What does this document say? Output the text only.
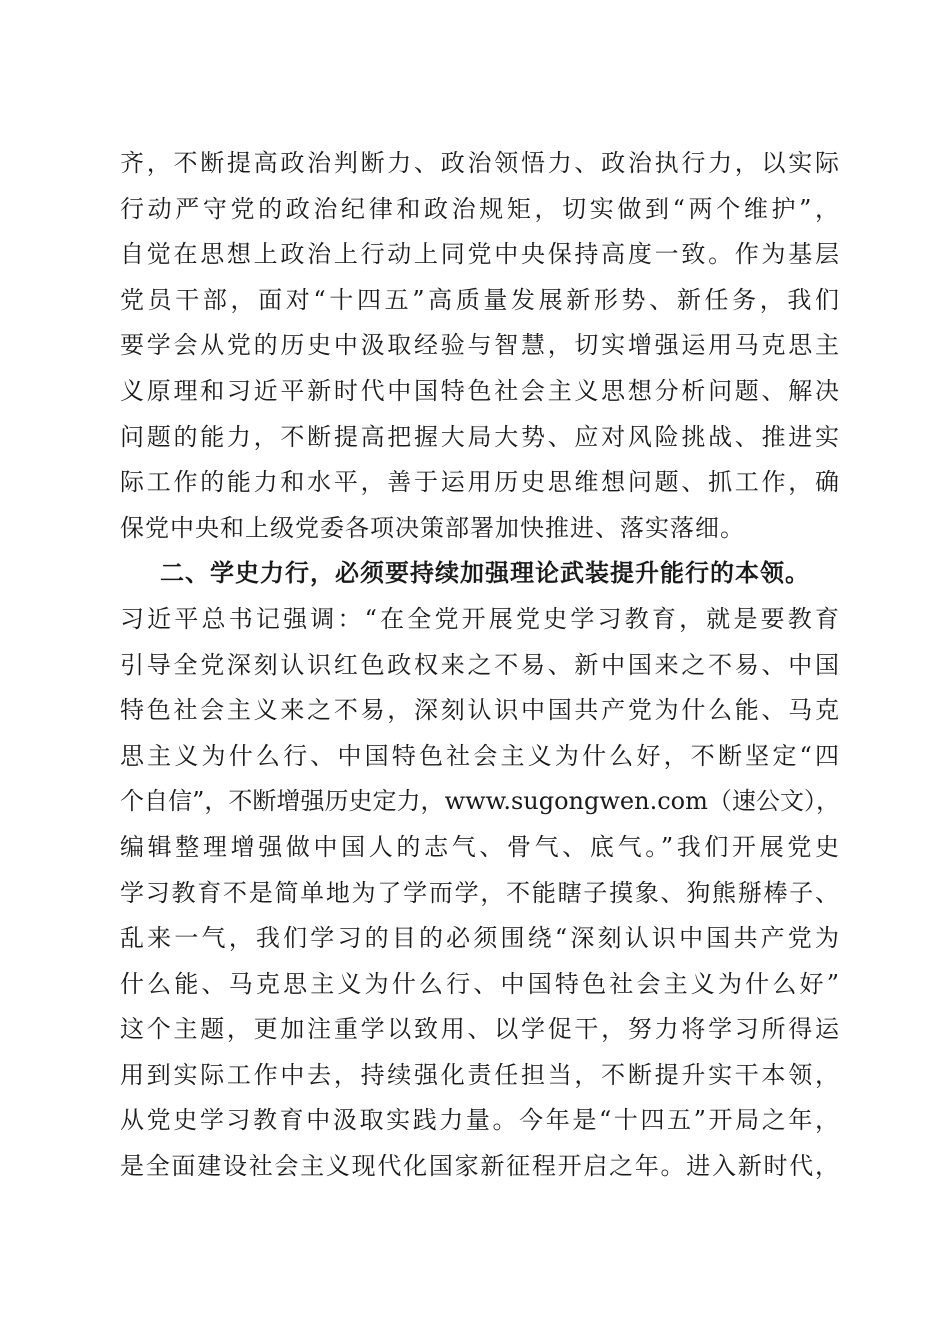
齐，不断提高政治判断力、政治领悟力、政治执行力，以实际
行动严守党的政治纪律和政治规矩，切实做到“两个维护”，
自觉在思想上政治上行动上同党中央保持高度一致。作为基层
党员干部，面对“十四五”高质量发展新形势、新任务，我们
要学会从党的历史中汲取经验与智慧，切实增强运用马克思主
义原理和习近平新时代中国特色社会主义思想分析问题、解决
问题的能力，不断提高把握大局大势、应对风险挑战、推进实
际工作的能力和水平，善于运用历史思维想问题、抓工作，确
保党中央和上级党委各项决策部署加快推进、落实落细。
二、学史力行，必须要持续加强理论武装提升能行的本领。
习近平总书记强调：“在全党开展党史学习教育，就是要教育
引导全党深刻认识红色政权来之不易、新中国来之不易、中国
特色社会主义来之不易，深刻认识中国共产党为什么能、马克
思主义为什么行、中国特色社会主义为什么好，不断坚定“四
个自信”，不断增强历史定力，www.sugongwen.com（速公文），
编辑整理增强做中国人的志气、骨气、底气。”我们开展党史
学习教育不是简单地为了学而学，不能瞎子摸象、狗熊掰棒子、
乱来一气，我们学习的目的必须围绕“深刻认识中国共产党为
什么能、马克思主义为什么行、中国特色社会主义为什么好”
这个主题，更加注重学以致用、以学促干，努力将学习所得运
用到实际工作中去，持续强化责任担当，不断提升实干本领，
从党史学习教育中汲取实践力量。今年是“十四五”开局之年，
是全面建设社会主义现代化国家新征程开启之年。进入新时代，
